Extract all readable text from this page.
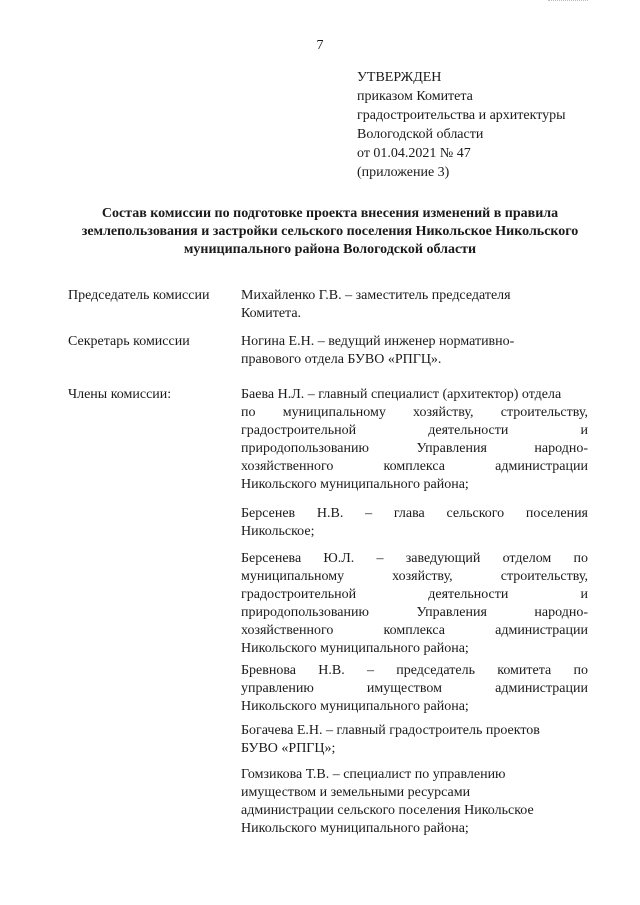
7
УТВЕРЖДЕН
приказом Комитета
градостроительства и архитектуры
Вологодской области
от 01.04.2021 № 47
(приложение 3)
Состав комиссии по подготовке проекта внесения изменений в правила
землепользования и застройки сельского поселения Никольское Никольского
муниципального района Вологодской области
Председатель комиссии Михайленко Г.В. – заместитель председателя
Комитета.
Секретарь комиссии	Ногина Е.Н. – ведущий инженер нормативно-
правового отдела БУВО «РПГЦ».
Члены комиссии:	Баева Н.Л. – главный специалист (архитектор) отдела
по муниципальному хозяйству, строительству,
градостроительной деятельности и
природопользованию Управления народно-
хозяйственного комплекса администрации
Никольского муниципального района;
Берсенев Н.В. – глава сельского поселения
Никольское;
Берсенева Ю.Л. – заведующий отделом по
муниципальному хозяйству, строительству,
градостроительной деятельности и
природопользованию Управления народно-
хозяйственного комплекса администрации
Никольского муниципального района;
Бревнова Н.В. – председатель комитета по
управлению имуществом администрации
Никольского муниципального района;
Богачева Е.Н. – главный градостроитель проектов
БУВО «РПГЦ»;
Гомзикова Т.В. – специалист по управлению
имуществом и земельными ресурсами
администрации сельского поселения Никольское
Никольского муниципального района;
